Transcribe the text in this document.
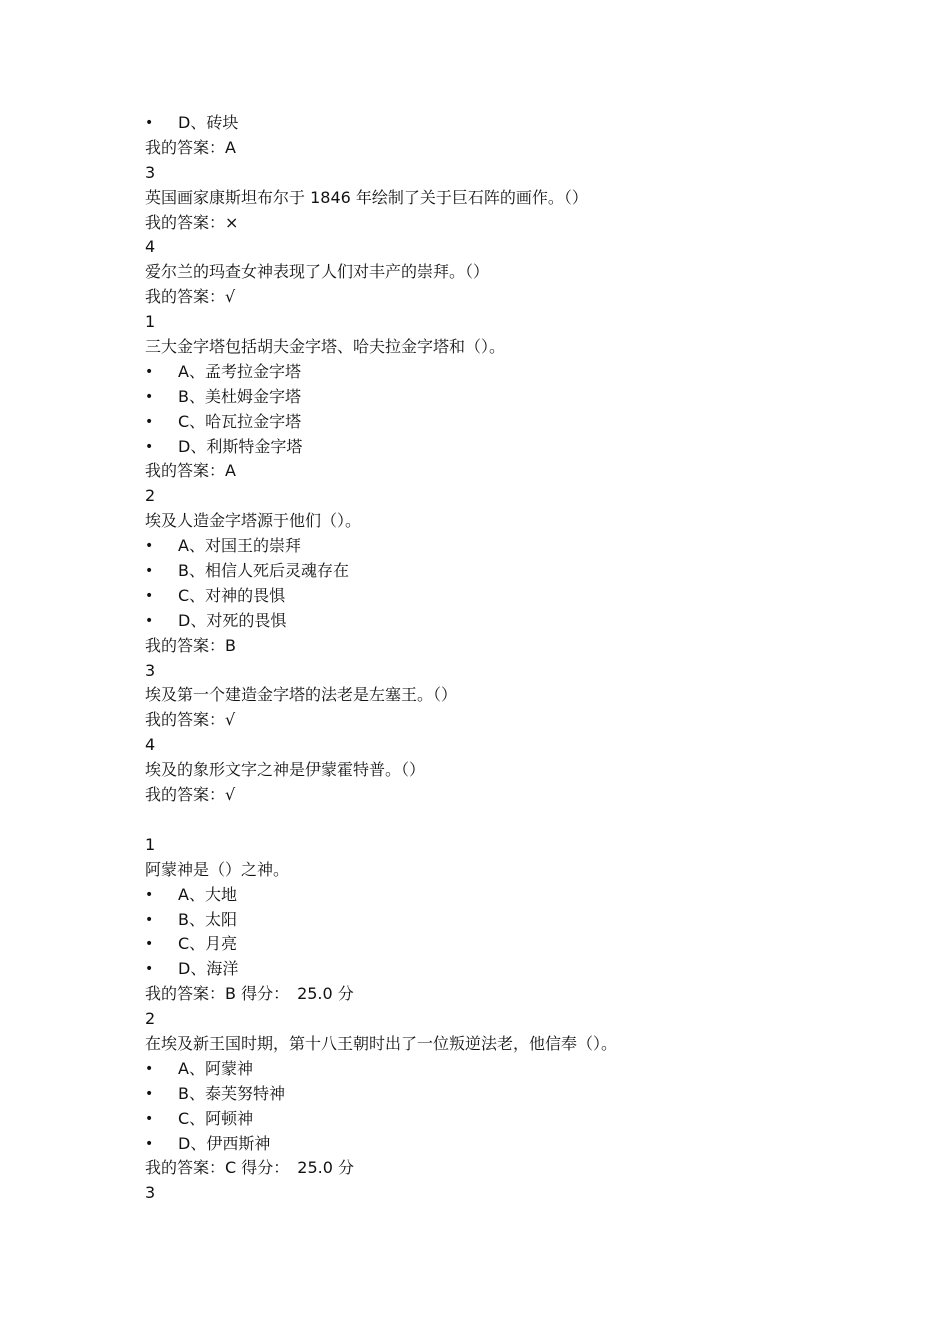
• D、砖块
我的答案：A
3
英国画家康斯坦布尔于 1846 年绘制了关于巨石阵的画作。（）
我的答案：×
4
爱尔兰的玛查女神表现了人们对丰产的崇拜。（）
我的答案：√
1
三大金字塔包括胡夫金字塔、哈夫拉金字塔和（）。
• A、孟考拉金字塔
• B、美杜姆金字塔
• C、哈瓦拉金字塔
• D、利斯特金字塔
我的答案：A
2
埃及人造金字塔源于他们（）。
• A、对国王的崇拜
• B、相信人死后灵魂存在
• C、对神的畏惧
• D、对死的畏惧
我的答案：B
3
埃及第一个建造金字塔的法老是左塞王。（）
我的答案：√
4
埃及的象形文字之神是伊蒙霍特普。（）
我的答案：√
1
阿蒙神是（）之神。
• A、大地
• B、太阳
• C、月亮
• D、海洋
我的答案：B 得分：　25.0 分
2
在埃及新王国时期，第十八王朝时出了一位叛逆法老，他信奉（）。
• A、阿蒙神
• B、泰芙努特神
• C、阿顿神
• D、伊西斯神
我的答案：C 得分：　25.0 分
3
